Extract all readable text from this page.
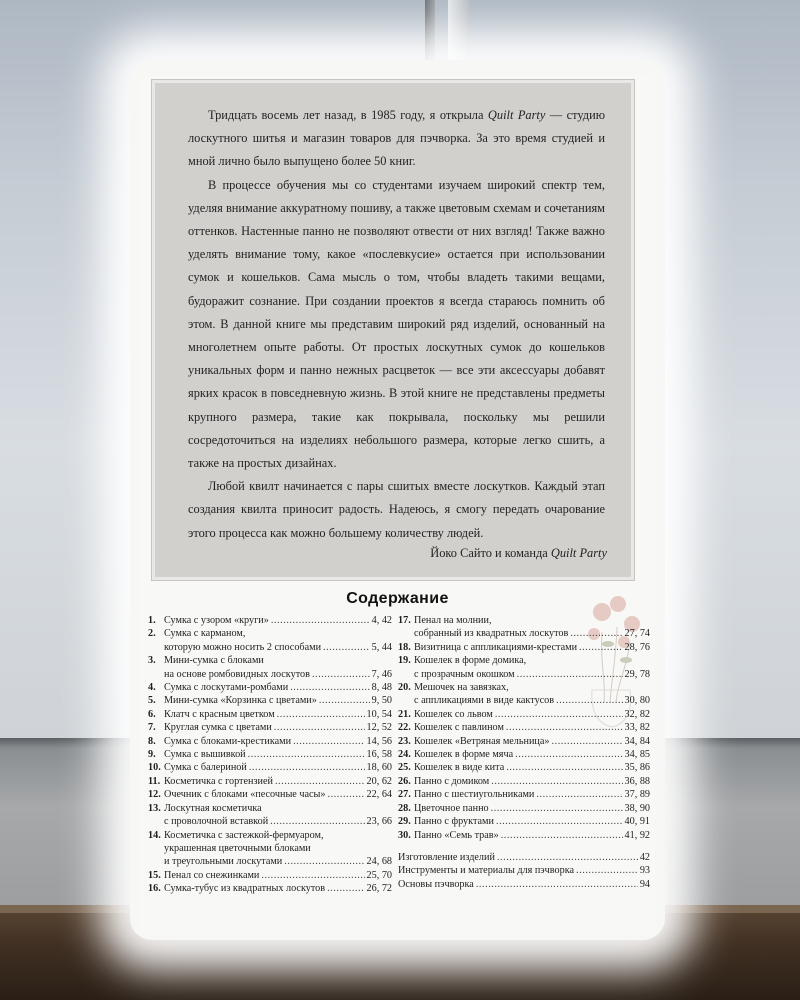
Тридцать восемь лет назад, в 1985 году, я открыла Quilt Party — студию лоскутного шитья и магазин товаров для пэчворка. За это время студией и мной лично было выпущено более 50 книг.

В процессе обучения мы со студентами изучаем широкий спектр тем, уделяя внимание аккуратному пошиву, а также цветовым схемам и сочетаниям оттенков. Настенные панно не позволяют отвести от них взгляд! Также важно уделять внимание тому, какое «послевкусие» остается при использовании сумок и кошельков. Сама мысль о том, чтобы владеть такими вещами, будоражит сознание. При создании проектов я всегда стараюсь помнить об этом. В данной книге мы представим широкий ряд изделий, основанный на многолетнем опыте работы. От простых лоскутных сумок до кошельков уникальных форм и панно нежных расцветок — все эти аксессуары добавят ярких красок в повседневную жизнь. В этой книге не представлены предметы крупного размера, такие как покрывала, поскольку мы решили сосредоточиться на изделиях небольшого размера, которые легко сшить, а также на простых дизайнах.

Любой квилт начинается с пары сшитых вместе лоскутков. Каждый этап создания квилта приносит радость. Надеюсь, я смогу передать очарование этого процесса как можно большему количеству людей.

Йоко Сайто и команда Quilt Party
Содержание
1. Сумка с узором «круги» . . .	4, 42
2. Сумка с карманом,
которую можно носить 2 способами . . .	5, 44
3. Мини-сумка с блоками
на основе ромбовидных лоскутов . . .	7, 46
4. Сумка с лоскутами-ромбами . . .	8, 48
5. Мини-сумка «Корзинка с цветами» . . .	9, 50
6. Клатч с красным цветком . . .	10, 54
7. Круглая сумка с цветами . . .	12, 52
8. Сумка с блоками-крестиками . . .	14, 56
9. Сумка с вышивкой . . .	16, 58
10. Сумка с балериной . . .	18, 60
11. Косметичка с гортензией . . .	20, 62
12. Очечник с блоками «песочные часы» . . .	22, 64
13. Лоскутная косметичка
с проволочной вставкой . . .	23, 66
14. Косметичка с застежкой-фермуаром,
украшенная цветочными блоками
и треугольными лоскутами . . .	24, 68
15. Пенал со снежинками . . .	25, 70
16. Сумка-тубус из квадратных лоскутов . . .	26, 72
17. Пенал на молнии,
собранный из квадратных лоскутов . . .	27, 74
18. Визитница с аппликациями-крестами . . .	28, 76
19. Кошелек в форме домика,
с прозрачным окошком . . .	29, 78
20. Мешочек на завязках,
с аппликациями в виде кактусов . . .	30, 80
21. Кошелек со львом . . .	32, 82
22. Кошелек с павлином . . .	33, 82
23. Кошелек «Ветряная мельница» . . .	34, 84
24. Кошелек в форме мяча . . .	34, 85
25. Кошелек в виде кита . . .	35, 86
26. Панно с домиком . . .	36, 88
27. Панно с шестиугольниками . . .	37, 89
28. Цветочное панно . . .	38, 90
29. Панно с фруктами . . .	40, 91
30. Панно «Семь трав» . . .	41, 92
Изготовление изделий . . .	42
Инструменты и материалы для пэчворка . . .	93
Основы пэчворка . . .	94
